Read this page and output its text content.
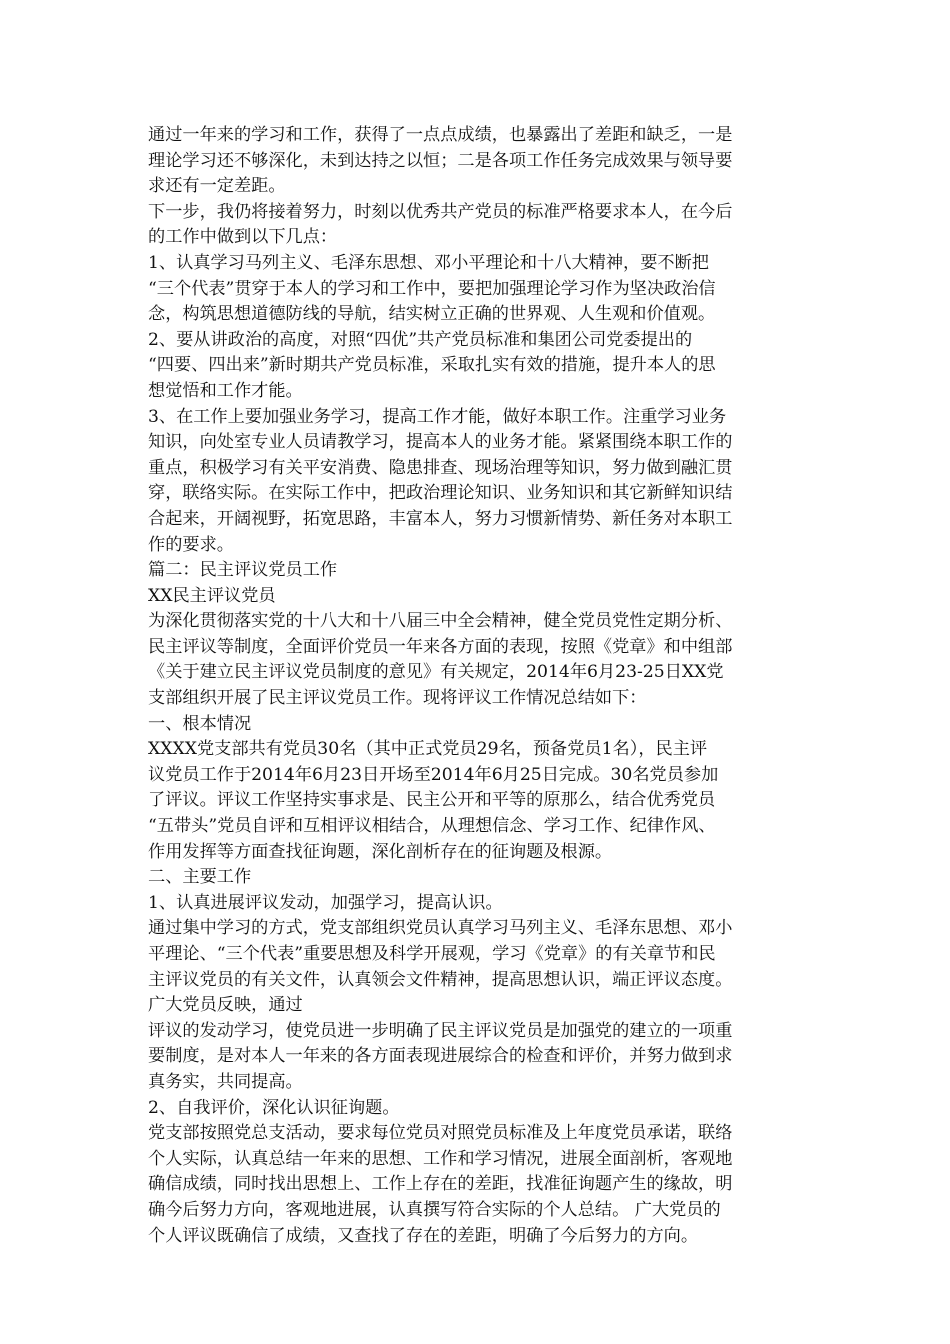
通过一年来的学习和工作，获得了一点点成绩，也暴露出了差距和缺乏，一是
理论学习还不够深化，未到达持之以恒；二是各项工作任务完成效果与领导要
求还有一定差距。
下一步，我仍将接着努力，时刻以优秀共产党员的标准严格要求本人，在今后
的工作中做到以下几点：
1、认真学习马列主义、毛泽东思想、邓小平理论和十八大精神，要不断把
“三个代表”贯穿于本人的学习和工作中，要把加强理论学习作为坚决政治信
念，构筑思想道德防线的导航，结实树立正确的世界观、人生观和价值观。
2、要从讲政治的高度，对照“四优”共产党员标准和集团公司党委提出的
“四要、四出来”新时期共产党员标准，采取扎实有效的措施，提升本人的思
想觉悟和工作才能。
3、在工作上要加强业务学习，提高工作才能，做好本职工作。注重学习业务
知识，向处室专业人员请教学习，提高本人的业务才能。紧紧围绕本职工作的
重点，积极学习有关平安消费、隐患排查、现场治理等知识，努力做到融汇贯
穿，联络实际。在实际工作中，把政治理论知识、业务知识和其它新鲜知识结
合起来，开阔视野，拓宽思路，丰富本人，努力习惯新情势、新任务对本职工
作的要求。
篇二：民主评议党员工作
XX民主评议党员
为深化贯彻落实党的十八大和十八届三中全会精神，健全党员党性定期分析、
民主评议等制度，全面评价党员一年来各方面的表现，按照《党章》和中组部
《关于建立民主评议党员制度的意见》有关规定，2014年6月23-25日XX党
支部组织开展了民主评议党员工作。现将评议工作情况总结如下：
一、根本情况
XXXX党支部共有党员30名（其中正式党员29名，预备党员1名），民主评
议党员工作于2014年6月23日开场至2014年6月25日完成。30名党员参加
了评议。评议工作坚持实事求是、民主公开和平等的原那么，结合优秀党员
“五带头”党员自评和互相评议相结合，从理想信念、学习工作、纪律作风、
作用发挥等方面查找征询题，深化剖析存在的征询题及根源。
二、主要工作
1、认真进展评议发动，加强学习，提高认识。
通过集中学习的方式，党支部组织党员认真学习马列主义、毛泽东思想、邓小
平理论、“三个代表”重要思想及科学开展观，学习《党章》的有关章节和民
主评议党员的有关文件，认真领会文件精神，提高思想认识，端正评议态度。
广大党员反映，通过
评议的发动学习，使党员进一步明确了民主评议党员是加强党的建立的一项重
要制度，是对本人一年来的各方面表现进展综合的检查和评价，并努力做到求
真务实，共同提高。
2、自我评价，深化认识征询题。
党支部按照党总支活动，要求每位党员对照党员标准及上年度党员承诺，联络
个人实际，认真总结一年来的思想、工作和学习情况，进展全面剖析，客观地
确信成绩，同时找出思想上、工作上存在的差距，找准征询题产生的缘故，明
确今后努力方向，客观地进展，认真撰写符合实际的个人总结。 广大党员的
个人评议既确信了成绩，又查找了存在的差距，明确了今后努力的方向。
